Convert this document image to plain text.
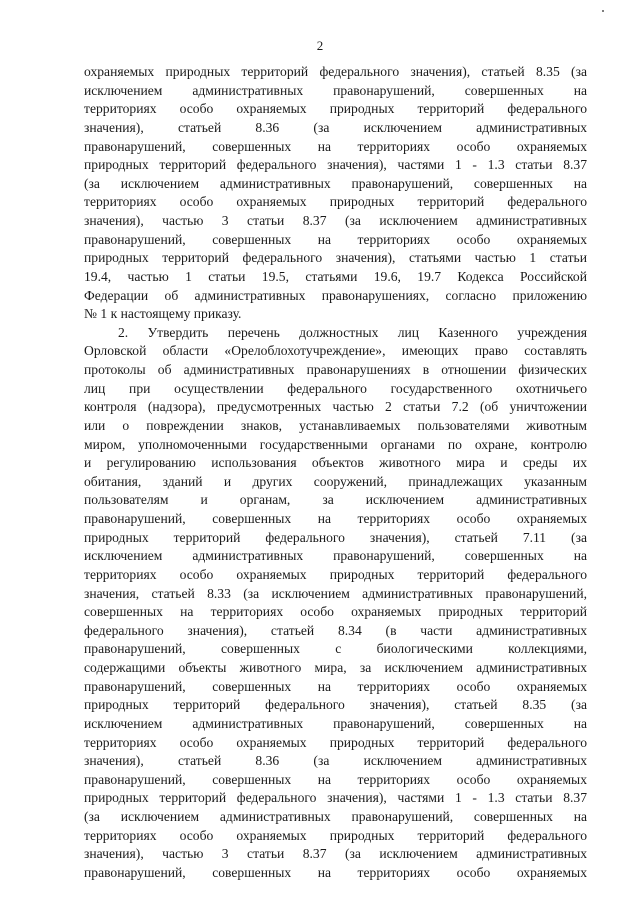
2
охраняемых природных территорий федерального значения), статьей 8.35 (за
исключением административных правонарушений, совершенных на
территориях особо охраняемых природных территорий федерального
значения), статьей 8.36 (за исключением административных
правонарушений, совершенных на территориях особо охраняемых
природных территорий федерального значения), частями 1 - 1.3 статьи 8.37
(за исключением административных правонарушений, совершенных на
территориях особо охраняемых природных территорий федерального
значения), частью 3 статьи 8.37 (за исключением административных
правонарушений, совершенных на территориях особо охраняемых
природных территорий федерального значения), статьями частью 1 статьи
19.4, частью 1 статьи 19.5, статьями 19.6, 19.7 Кодекса Российской
Федерации об административных правонарушениях, согласно приложению
№ 1 к настоящему приказу.
2. Утвердить перечень должностных лиц Казенного учреждения
Орловской области «Орелоблохотучреждение», имеющих право составлять
протоколы об административных правонарушениях в отношении физических
лиц при осуществлении федерального государственного охотничьего
контроля (надзора), предусмотренных частью 2 статьи 7.2 (об уничтожении
или о повреждении знаков, устанавливаемых пользователями животным
миром, уполномоченными государственными органами по охране, контролю
и регулированию использования объектов животного мира и среды их
обитания, зданий и других сооружений, принадлежащих указанным
пользователям и органам, за исключением административных
правонарушений, совершенных на территориях особо охраняемых
природных территорий федерального значения), статьей 7.11 (за
исключением административных правонарушений, совершенных на
территориях особо охраняемых природных территорий федерального
значения, статьей 8.33 (за исключением административных правонарушений,
совершенных на территориях особо охраняемых природных территорий
федерального значения), статьей 8.34 (в части административных
правонарушений, совершенных с биологическими коллекциями,
содержащими объекты животного мира, за исключением административных
правонарушений, совершенных на территориях особо охраняемых
природных территорий федерального значения), статьей 8.35 (за
исключением административных правонарушений, совершенных на
территориях особо охраняемых природных территорий федерального
значения), статьей 8.36 (за исключением административных
правонарушений, совершенных на территориях особо охраняемых
природных территорий федерального значения), частями 1 - 1.3 статьи 8.37
(за исключением административных правонарушений, совершенных на
территориях особо охраняемых природных территорий федерального
значения), частью 3 статьи 8.37 (за исключением административных
правонарушений, совершенных на территориях особо охраняемых
